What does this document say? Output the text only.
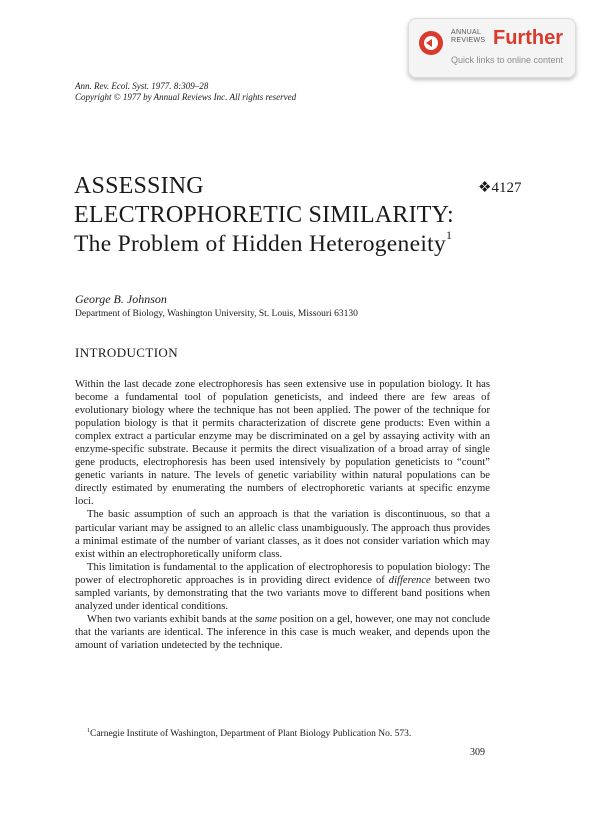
ANNUAL
REVIEWS Further
Quick links to online content
Ann. Rev. Ecol. Syst. 1977. 8:309–28
Copyright © 1977 by Annual Reviews Inc. All rights reserved
ASSESSING
ELECTROPHORETIC SIMILARITY:
The Problem of Hidden Heterogeneity$^1$
❖4127
George B. Johnson
Department of Biology, Washington University, St. Louis, Missouri 63130
INTRODUCTION

Within the last decade zone electrophoresis has seen extensive use in population biology. It has become a fundamental tool of population geneticists, and indeed there are few areas of evolutionary biology where the technique has not been applied. The power of the technique for population biology is that it permits characterization of discrete gene products: Even within a complex extract a particular enzyme may be discriminated on a gel by assaying activity with an enzyme-specific substrate. Because it permits the direct visualization of a broad array of single gene products, electrophoresis has been used intensively by population geneticists to “count” genetic variants in nature. The levels of genetic variability within natural populations can be directly estimated by enumerating the numbers of electrophoretic variants at specific enzyme loci.

The basic assumption of such an approach is that the variation is discontinuous, so that a particular variant may be assigned to an allelic class unambiguously. The approach thus provides a minimal estimate of the number of variant classes, as it does not consider variation which may exist within an electrophoretically uniform class.

This limitation is fundamental to the application of electrophoresis to population biology: The power of electrophoretic approaches is in providing direct evidence of difference between two sampled variants, by demonstrating that the two variants move to different band positions when analyzed under identical conditions.

When two variants exhibit bands at the same position on a gel, however, one may not conclude that the variants are identical. The inference in this case is much weaker, and depends upon the amount of variation undetected by the technique.

$^1$Carnegie Institute of Washington, Department of Plant Biology Publication No. 573.
309
